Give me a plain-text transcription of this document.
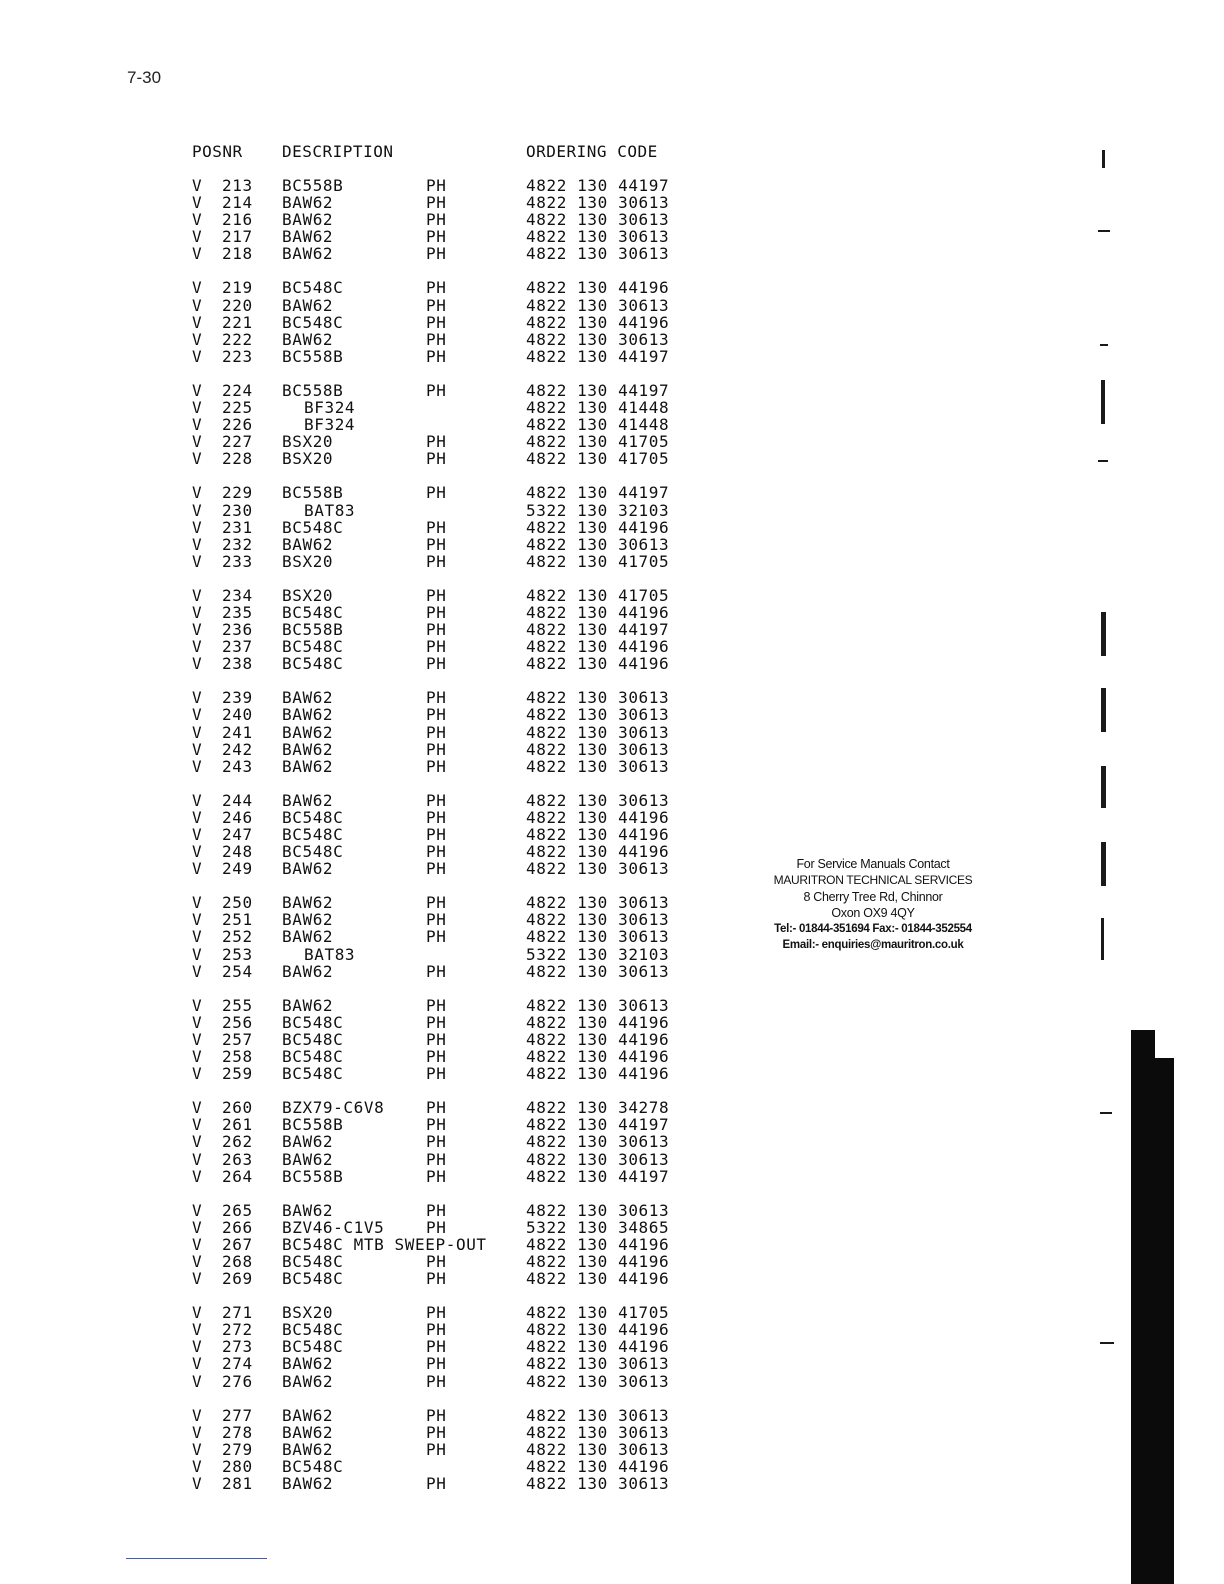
7-30
POSNR DESCRIPTION	ORDERING CODE
V 213 BC558B	PH	4822 130 44197
V 214 BAW62	PH	4822 130 30613
V 216 BAW62	PH	4822 130 30613
V 217 BAW62	PH	4822 130 30613
V 218 BAW62	PH	4822 130 30613
V 219 BC548C	PH	4822 130 44196
V 220 BAW62	PH	4822 130 30613
V 221 BC548C	PH	4822 130 44196
V 222 BAW62	PH	4822 130 30613
V 223 BC558B	PH	4822 130 44197
V 224 BC558B	PH	4822 130 44197
V 225	BF324	4822 130 41448
V 226	BF324	4822 130 41448
V 227 BSX20	PH	4822 130 41705
V 228 BSX20	PH	4822 130 41705
V 229 BC558B	PH	4822 130 44197
V 230	BAT83	5322 130 32103
V 231 BC548C	PH	4822 130 44196
V 232 BAW62	PH	4822 130 30613
V 233 BSX20	PH	4822 130 41705
V 234 BSX20	PH	4822 130 41705
V 235 BC548C	PH	4822 130 44196
V 236 BC558B	PH	4822 130 44197
V 237 BC548C	PH	4822 130 44196
V 238 BC548C	PH	4822 130 44196
V 239 BAW62	PH	4822 130 30613
V 240 BAW62	PH	4822 130 30613
V 241 BAW62	PH	4822 130 30613
V 242 BAW62	PH	4822 130 30613
V 243 BAW62	PH	4822 130 30613
V 244 BAW62	PH	4822 130 30613
V 246 BC548C	PH	4822 130 44196
V 247 BC548C	PH	4822 130 44196
V 248 BC548C	PH	4822 130 44196
V 249 BAW62	PH	4822 130 30613
V 250 BAW62	PH	4822 130 30613
V 251 BAW62	PH	4822 130 30613
V 252 BAW62	PH	4822 130 30613
V 253	BAT83	5322 130 32103
V 254 BAW62	PH	4822 130 30613
V 255 BAW62	PH	4822 130 30613
V 256 BC548C	PH	4822 130 44196
V 257 BC548C	PH	4822 130 44196
V 258 BC548C	PH	4822 130 44196
V 259 BC548C	PH	4822 130 44196
V 260 BZX79-C6V8	PH	4822 130 34278
V 261 BC558B	PH	4822 130 44197
V 262 BAW62	PH	4822 130 30613
V 263 BAW62	PH	4822 130 30613
V 264 BC558B	PH	4822 130 44197
V 265 BAW62	PH	4822 130 30613
V 266 BZV46-C1V5	PH	5322 130 34865
V 267 BC548C MTB SWEEP-OUT 4822 130 44196
V 268 BC548C	PH	4822 130 44196
V 269 BC548C	PH	4822 130 44196
V 271 BSX20	PH	4822 130 41705
V 272 BC548C	PH	4822 130 44196
V 273 BC548C	PH	4822 130 44196
V 274 BAW62	PH	4822 130 30613
V 276 BAW62	PH	4822 130 30613
V 277 BAW62	PH	4822 130 30613
V 278 BAW62	PH	4822 130 30613
V 279 BAW62	PH	4822 130 30613
V 280 BC548C	4822 130 44196
V 281 BAW62	PH	4822 130 30613
For Service Manuals Contact
MAURITRON TECHNICAL SERVICES
8 Cherry Tree Rd, Chinnor
Oxon OX9 4QY
Tel:- 01844-351694 Fax:- 01844-352554
Email:- enquiries@mauritron.co.uk
